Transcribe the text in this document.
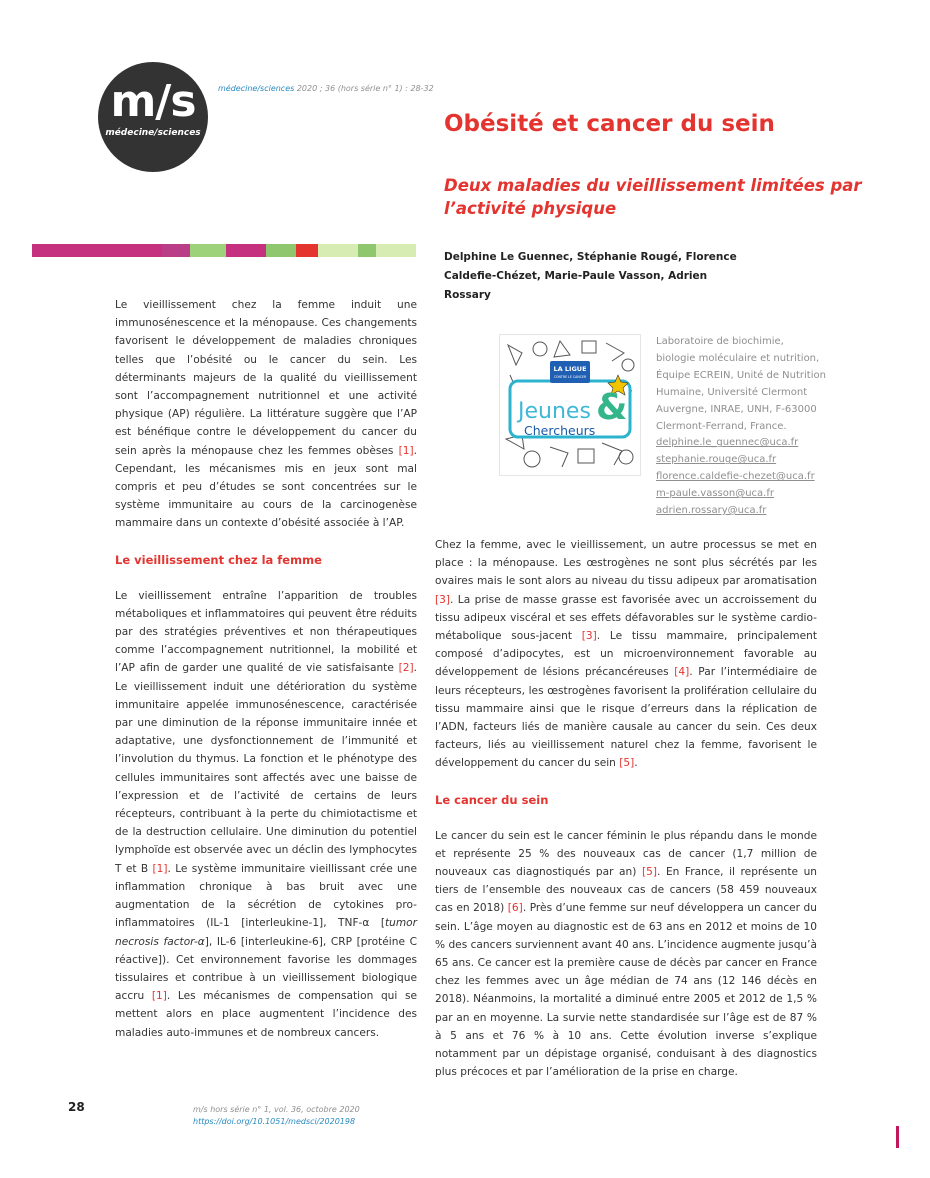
m/s
médecine/sciences
médecine/sciences 2020 ; 36 (hors série n° 1) : 28-32
Obésité et cancer du sein
Deux maladies du vieillissement limitées par l’activité physique
Delphine Le Guennec, Stéphanie Rougé, Florence Caldefie-Chézet, Marie-Paule Vasson, Adrien Rossary
LA LIGUE
CONTRE LE CANCER
Jeunes &
Chercheurs
Laboratoire de biochimie, biologie moléculaire et nutrition, Équipe ECREIN, Unité de Nutrition Humaine, Université Clermont Auvergne, INRAE, UNH, F-63000 Clermont-Ferrand, France.
delphine.le_guennec@uca.fr
stephanie.rouge@uca.fr
florence.caldefie-chezet@uca.fr
m-paule.vasson@uca.fr
adrien.rossary@uca.fr

Le vieillissement chez la femme induit une immunosénescence et la ménopause. Ces changements favorisent le développement de maladies chroniques telles que l’obésité ou le cancer du sein. Les déterminants majeurs de la qualité du vieillissement sont l’accompagnement nutritionnel et une activité physique (AP) régulière. La littérature suggère que l’AP est bénéfique contre le développement du cancer du sein après la ménopause chez les femmes obèses [1]. Cependant, les mécanismes mis en jeux sont mal compris et peu d’études se sont concentrées sur le système immunitaire au cours de la carcinogenèse mammaire dans un contexte d’obésité associée à l’AP.

Le vieillissement chez la femme

Le vieillissement entraîne l’apparition de troubles métaboliques et inflammatoires qui peuvent être réduits par des stratégies préventives et non thérapeutiques comme l’accompagnement nutritionnel, la mobilité et l’AP afin de garder une qualité de vie satisfaisante [2]. Le vieillissement induit une détérioration du système immunitaire appelée immunosénescence, caractérisée par une diminution de la réponse immunitaire innée et adaptative, une dysfonctionnement de l’immunité et l’involution du thymus. La fonction et le phénotype des cellules immunitaires sont affectés avec une baisse de l’expression et de l’activité de certains de leurs récepteurs, contribuant à la perte du chimiotactisme et de la destruction cellulaire. Une diminution du potentiel lymphoïde est observée avec un déclin des lymphocytes T et B [1]. Le système immunitaire vieillissant crée une inflammation chronique à bas bruit avec une augmentation de la sécrétion de cytokines pro-inflammatoires (IL-1 [interleukine-1], TNF-α [tumor necrosis factor-α], IL-6 [interleukine-6], CRP [protéine C réactive]). Cet environnement favorise les dommages tissulaires et contribue à un vieillissement biologique accru [1]. Les mécanismes de compensation qui se mettent alors en place augmentent l’incidence des maladies auto-immunes et de nombreux cancers.

Chez la femme, avec le vieillissement, un autre processus se met en place : la ménopause. Les œstrogènes ne sont plus sécrétés par les ovaires mais le sont alors au niveau du tissu adipeux par aromatisation [3]. La prise de masse grasse est favorisée avec un accroissement du tissu adipeux viscéral et ses effets défavorables sur le système cardio-métabolique sous-jacent [3]. Le tissu mammaire, principalement composé d’adipocytes, est un microenvironnement favorable au développement de lésions précancéreuses [4]. Par l’intermédiaire de leurs récepteurs, les œstrogènes favorisent la prolifération cellulaire du tissu mammaire ainsi que le risque d’erreurs dans la réplication de l’ADN, facteurs liés de manière causale au cancer du sein. Ces deux facteurs, liés au vieillissement naturel chez la femme, favorisent le développement du cancer du sein [5].

Le cancer du sein

Le cancer du sein est le cancer féminin le plus répandu dans le monde et représente 25 % des nouveaux cas de cancer (1,7 million de nouveaux cas diagnostiqués par an) [5]. En France, il représente un tiers de l’ensemble des nouveaux cas de cancers (58 459 nouveaux cas en 2018) [6]. Près d’une femme sur neuf développera un cancer du sein. L’âge moyen au diagnostic est de 63 ans en 2012 et moins de 10 % des cancers surviennent avant 40 ans. L’incidence augmente jusqu’à 65 ans. Ce cancer est la première cause de décès par cancer en France chez les femmes avec un âge médian de 74 ans (12 146 décès en 2018). Néanmoins, la mortalité a diminué entre 2005 et 2012 de 1,5 % par an en moyenne. La survie nette standardisée sur l’âge est de 87 % à 5 ans et 76 % à 10 ans. Cette évolution inverse s’explique notamment par un dépistage organisé, conduisant à des diagnostics plus précoces et par l’amélioration de la prise en charge.

28	m/s hors série n° 1, vol. 36, octobre 2020
https://doi.org/10.1051/medsci/2020198
